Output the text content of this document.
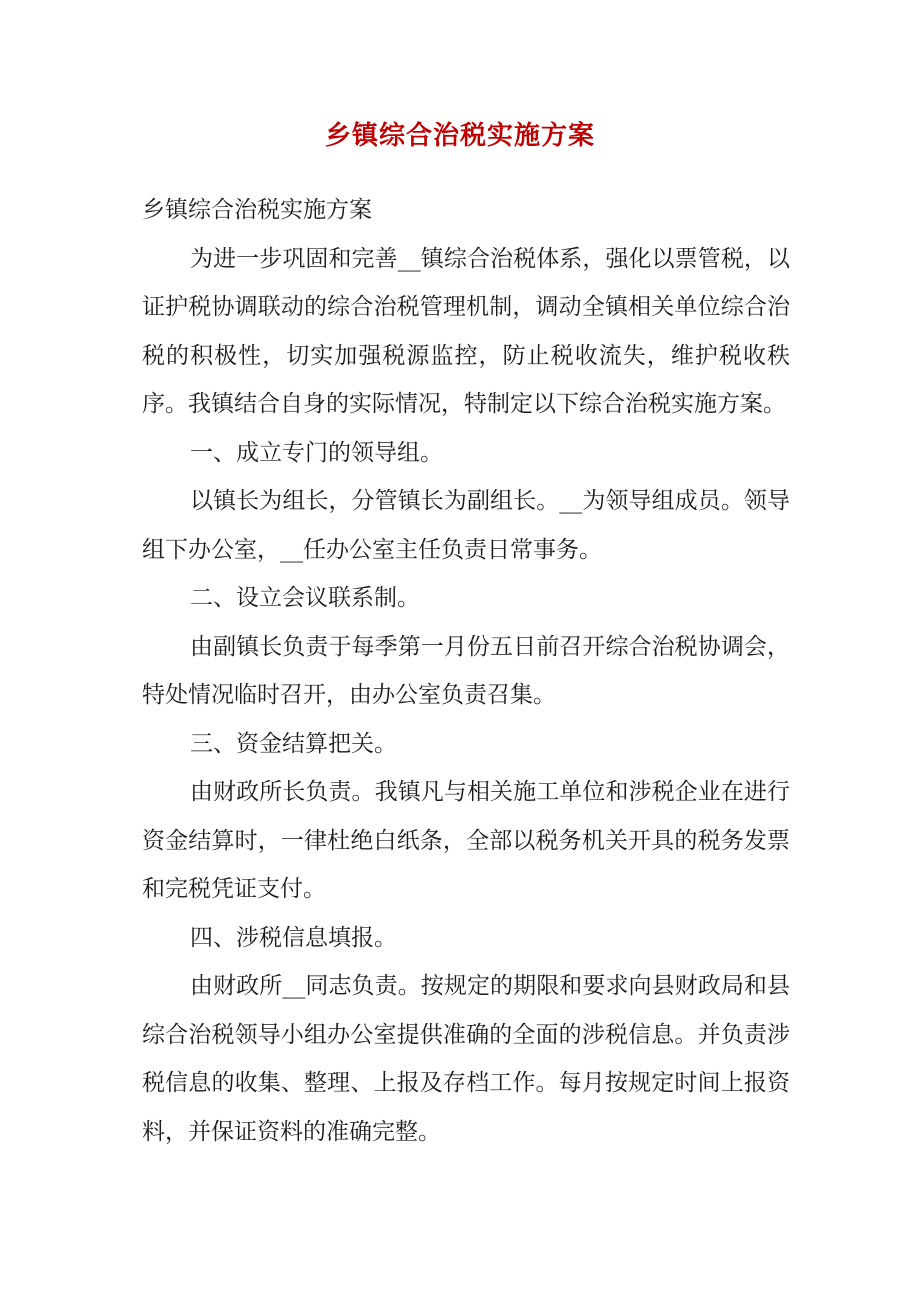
乡镇综合治税实施方案

乡镇综合治税实施方案

为进一步巩固和完善__镇综合治税体系，强化以票管税，以证护税协调联动的综合治税管理机制，调动全镇相关单位综合治税的积极性，切实加强税源监控，防止税收流失，维护税收秩序。我镇结合自身的实际情况，特制定以下综合治税实施方案。

一、成立专门的领导组。

以镇长为组长，分管镇长为副组长。__为领导组成员。领导组下办公室，__任办公室主任负责日常事务。

二、设立会议联系制。

由副镇长负责于每季第一月份五日前召开综合治税协调会，特处情况临时召开，由办公室负责召集。

三、资金结算把关。

由财政所长负责。我镇凡与相关施工单位和涉税企业在进行资金结算时，一律杜绝白纸条，全部以税务机关开具的税务发票和完税凭证支付。

四、涉税信息填报。

由财政所__同志负责。按规定的期限和要求向县财政局和县综合治税领导小组办公室提供准确的全面的涉税信息。并负责涉税信息的收集、整理、上报及存档工作。每月按规定时间上报资料，并保证资料的准确完整。
